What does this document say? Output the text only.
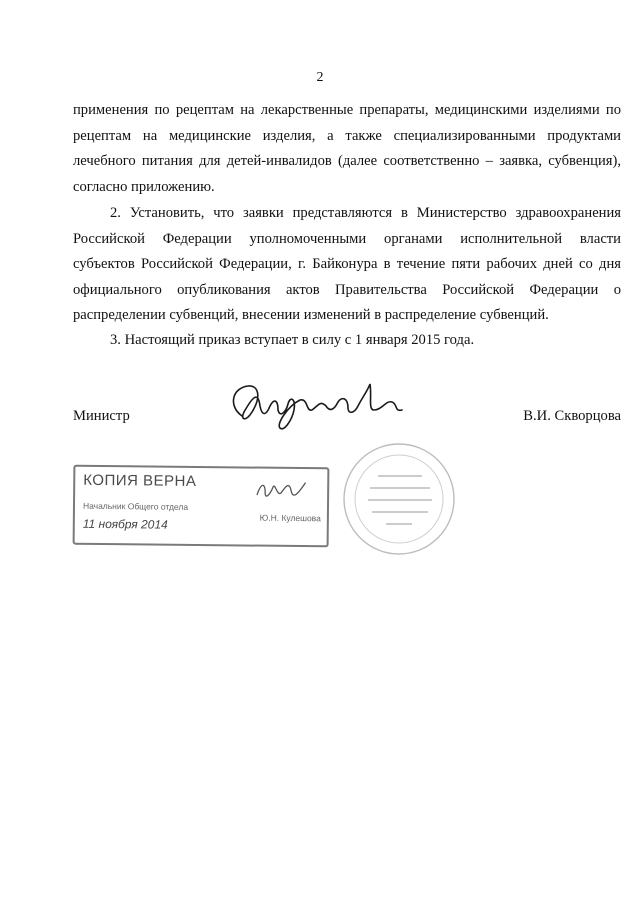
2
применения по рецептам на лекарственные препараты, медицинскими изделиями по
рецептам на медицинские изделия, а также специализированными продуктами
лечебного питания для детей-инвалидов (далее соответственно – заявка, субвенция),
согласно приложению.
2. Установить, что заявки представляются в Министерство здравоохранения
Российской Федерации уполномоченными органами исполнительной власти
субъектов Российской Федерации, г. Байконура в течение пяти рабочих дней со дня
официального опубликования актов Правительства Российской Федерации о
распределении субвенций, внесении изменений в распределение субвенций.
3. Настоящий приказ вступает в силу с 1 января 2015 года.
Министр	В.И. Скворцова
КОПИЯ ВЕРНА
Начальник Общего отдела
Ю.Н. Кулешова
11 ноября 2014
